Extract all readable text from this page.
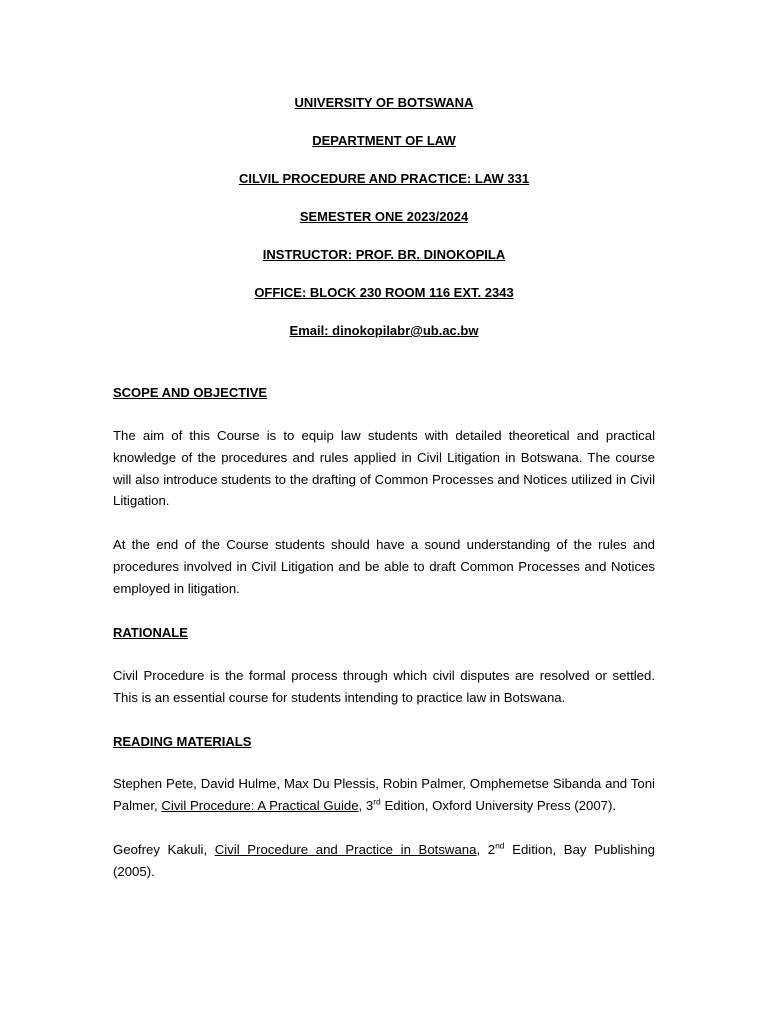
UNIVERSITY OF BOTSWANA
DEPARTMENT OF LAW
CILVIL PROCEDURE AND PRACTICE: LAW 331
SEMESTER ONE 2023/2024
INSTRUCTOR: PROF. BR. DINOKOPILA
OFFICE: BLOCK 230 ROOM 116 EXT. 2343
Email: dinokopilabr@ub.ac.bw
SCOPE AND OBJECTIVE
The aim of this Course is to equip law students with detailed theoretical and practical knowledge of the procedures and rules applied in Civil Litigation in Botswana. The course will also introduce students to the drafting of Common Processes and Notices utilized in Civil Litigation.
At the end of the Course students should have a sound understanding of the rules and procedures involved in Civil Litigation and be able to draft Common Processes and Notices employed in litigation.
RATIONALE
Civil Procedure is the formal process through which civil disputes are resolved or settled. This is an essential course for students intending to practice law in Botswana.
READING MATERIALS
Stephen Pete, David Hulme, Max Du Plessis, Robin Palmer, Omphemetse Sibanda and Toni Palmer, Civil Procedure: A Practical Guide, 3rd Edition, Oxford University Press (2007).
Geofrey Kakuli, Civil Procedure and Practice in Botswana, 2nd Edition, Bay Publishing (2005).
